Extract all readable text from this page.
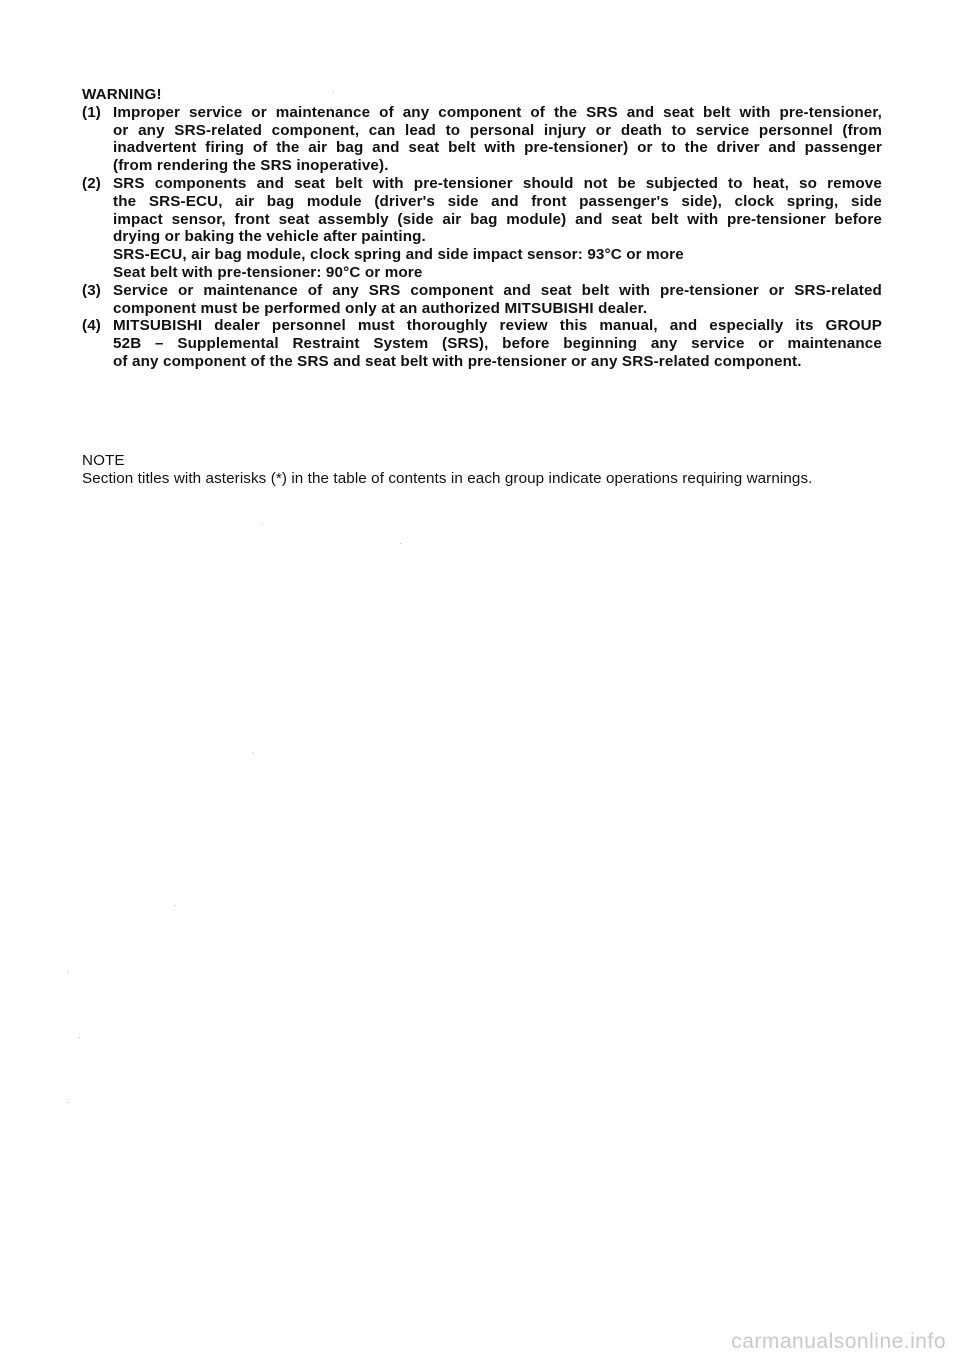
WARNING!
(1) Improper service or maintenance of any component of the SRS and seat belt with pre-tensioner,
or any SRS-related component, can lead to personal injury or death to service personnel (from
inadvertent firing of the air bag and seat belt with pre-tensioner) or to the driver and passenger
(from rendering the SRS inoperative).
(2) SRS components and seat belt with pre-tensioner should not be subjected to heat, so remove
the SRS-ECU, air bag module (driver's side and front passenger's side), clock spring, side
impact sensor, front seat assembly (side air bag module) and seat belt with pre-tensioner before
drying or baking the vehicle after painting.
SRS-ECU, air bag module, clock spring and side impact sensor: 93°C or more
Seat belt with pre-tensioner: 90°C or more
(3) Service or maintenance of any SRS component and seat belt with pre-tensioner or SRS-related
component must be performed only at an authorized MITSUBISHI dealer.
(4) MITSUBISHI dealer personnel must thoroughly review this manual, and especially its GROUP
52B – Supplemental Restraint System (SRS), before beginning any service or maintenance
of any component of the SRS and seat belt with pre-tensioner or any SRS-related component.
NOTE
Section titles with asterisks (*) in the table of contents in each group indicate operations requiring warnings.
carmanualsonline.info
